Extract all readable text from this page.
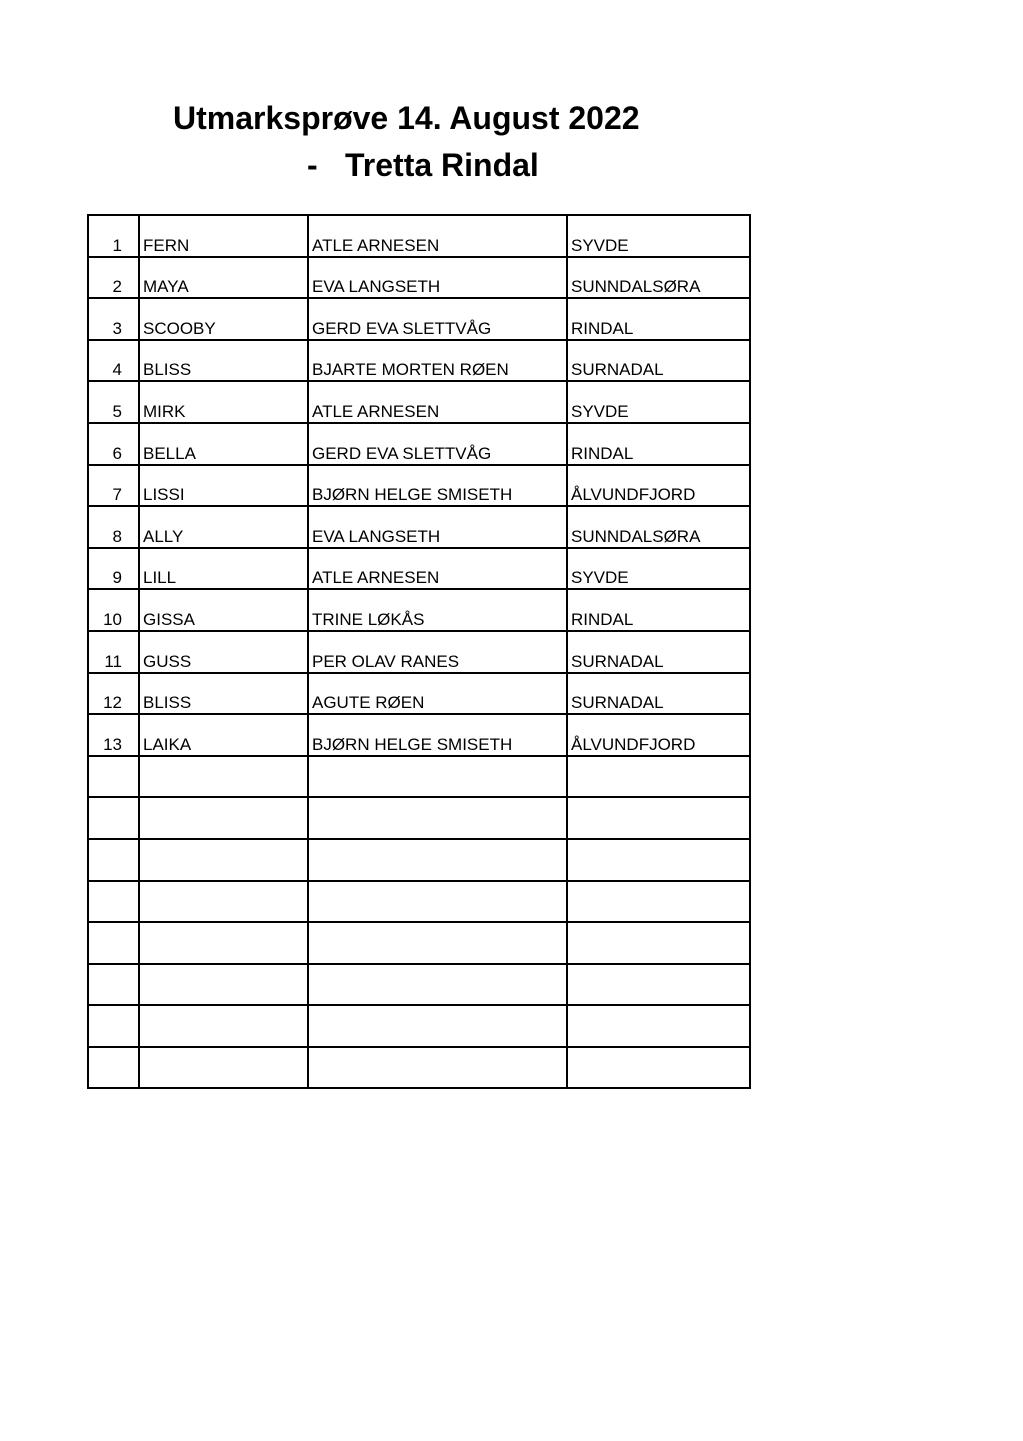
Utmarksprøve 14. August 2022
- Tretta Rindal
1	FERN	ATLE ARNESEN	SYVDE
2	MAYA	EVA LANGSETH	SUNNDALSØRA
3	SCOOBY	GERD EVA SLETTVÅG	RINDAL
4	BLISS	BJARTE MORTEN RØEN	SURNADAL
5	MIRK	ATLE ARNESEN	SYVDE
6	BELLA	GERD EVA SLETTVÅG	RINDAL
7	LISSI	BJØRN HELGE SMISETH	ÅLVUNDFJORD
8	ALLY	EVA LANGSETH	SUNNDALSØRA
9	LILL	ATLE ARNESEN	SYVDE
10	GISSA	TRINE LØKÅS	RINDAL
11	GUSS	PER OLAV RANES	SURNADAL
12	BLISS	AGUTE RØEN	SURNADAL
13	LAIKA	BJØRN HELGE SMISETH	ÅLVUNDFJORD
